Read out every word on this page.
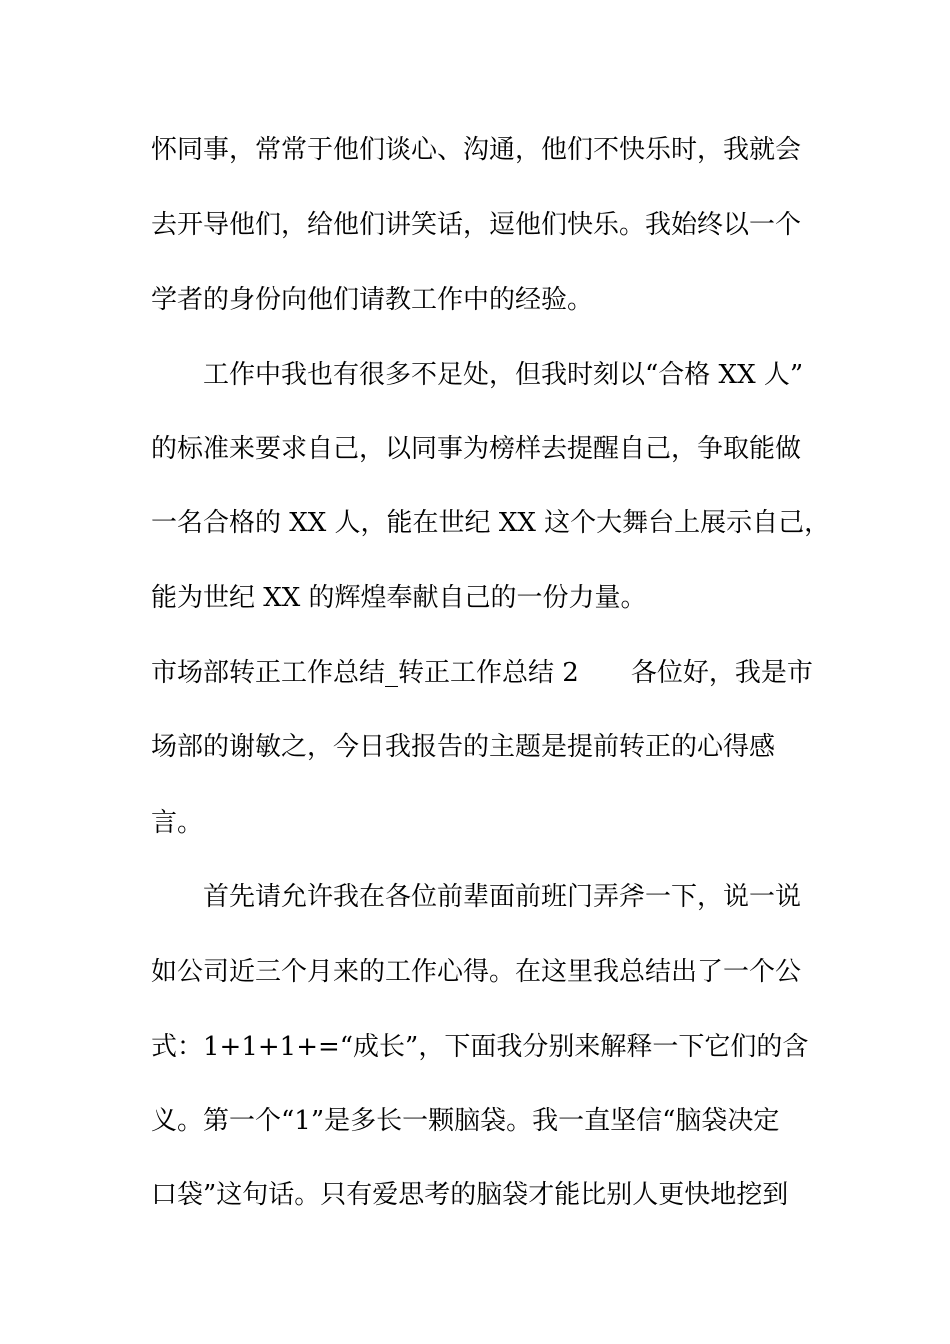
怀同事，常常于他们谈心、沟通，他们不快乐时，我就会
去开导他们，给他们讲笑话，逗他们快乐。我始终以一个
学者的身份向他们请教工作中的经验。
工作中我也有很多不足处，但我时刻以“合格 XX 人”
的标准来要求自己，以同事为榜样去提醒自己，争取能做
一名合格的 XX 人，能在世纪 XX 这个大舞台上展示自己，
能为世纪 XX 的辉煌奉献自己的一份力量。
市场部转正工作总结_转正工作总结 2 各位好，我是市
场部的谢敏之，今日我报告的主题是提前转正的心得感
言。
首先请允许我在各位前辈面前班门弄斧一下，说一说
如公司近三个月来的工作心得。在这里我总结出了一个公
式：1+1+1+=“成长”，下面我分别来解释一下它们的含
义。第一个“1”是多长一颗脑袋。我一直坚信“脑袋决定
口袋”这句话。只有爱思考的脑袋才能比别人更快地挖到
